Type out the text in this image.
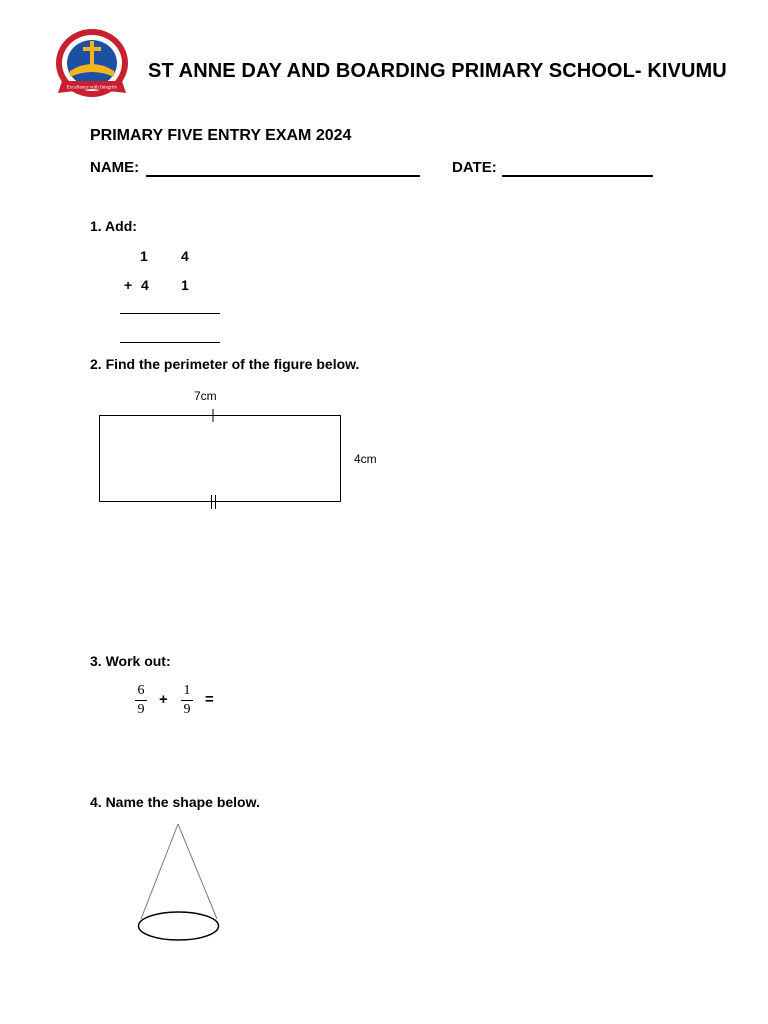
Excellence with Integrity
ST ANNE DAY AND BOARDING PRIMARY SCHOOL- KIVUMU
PRIMARY FIVE ENTRY EXAM 2024
NAME:	DATE:
1. Add:
1 4
+ 4 1
2. Find the perimeter of the figure below.
7cm
4cm
3. Work out:
6
9
+
1
9
=
4. Name the shape below.
